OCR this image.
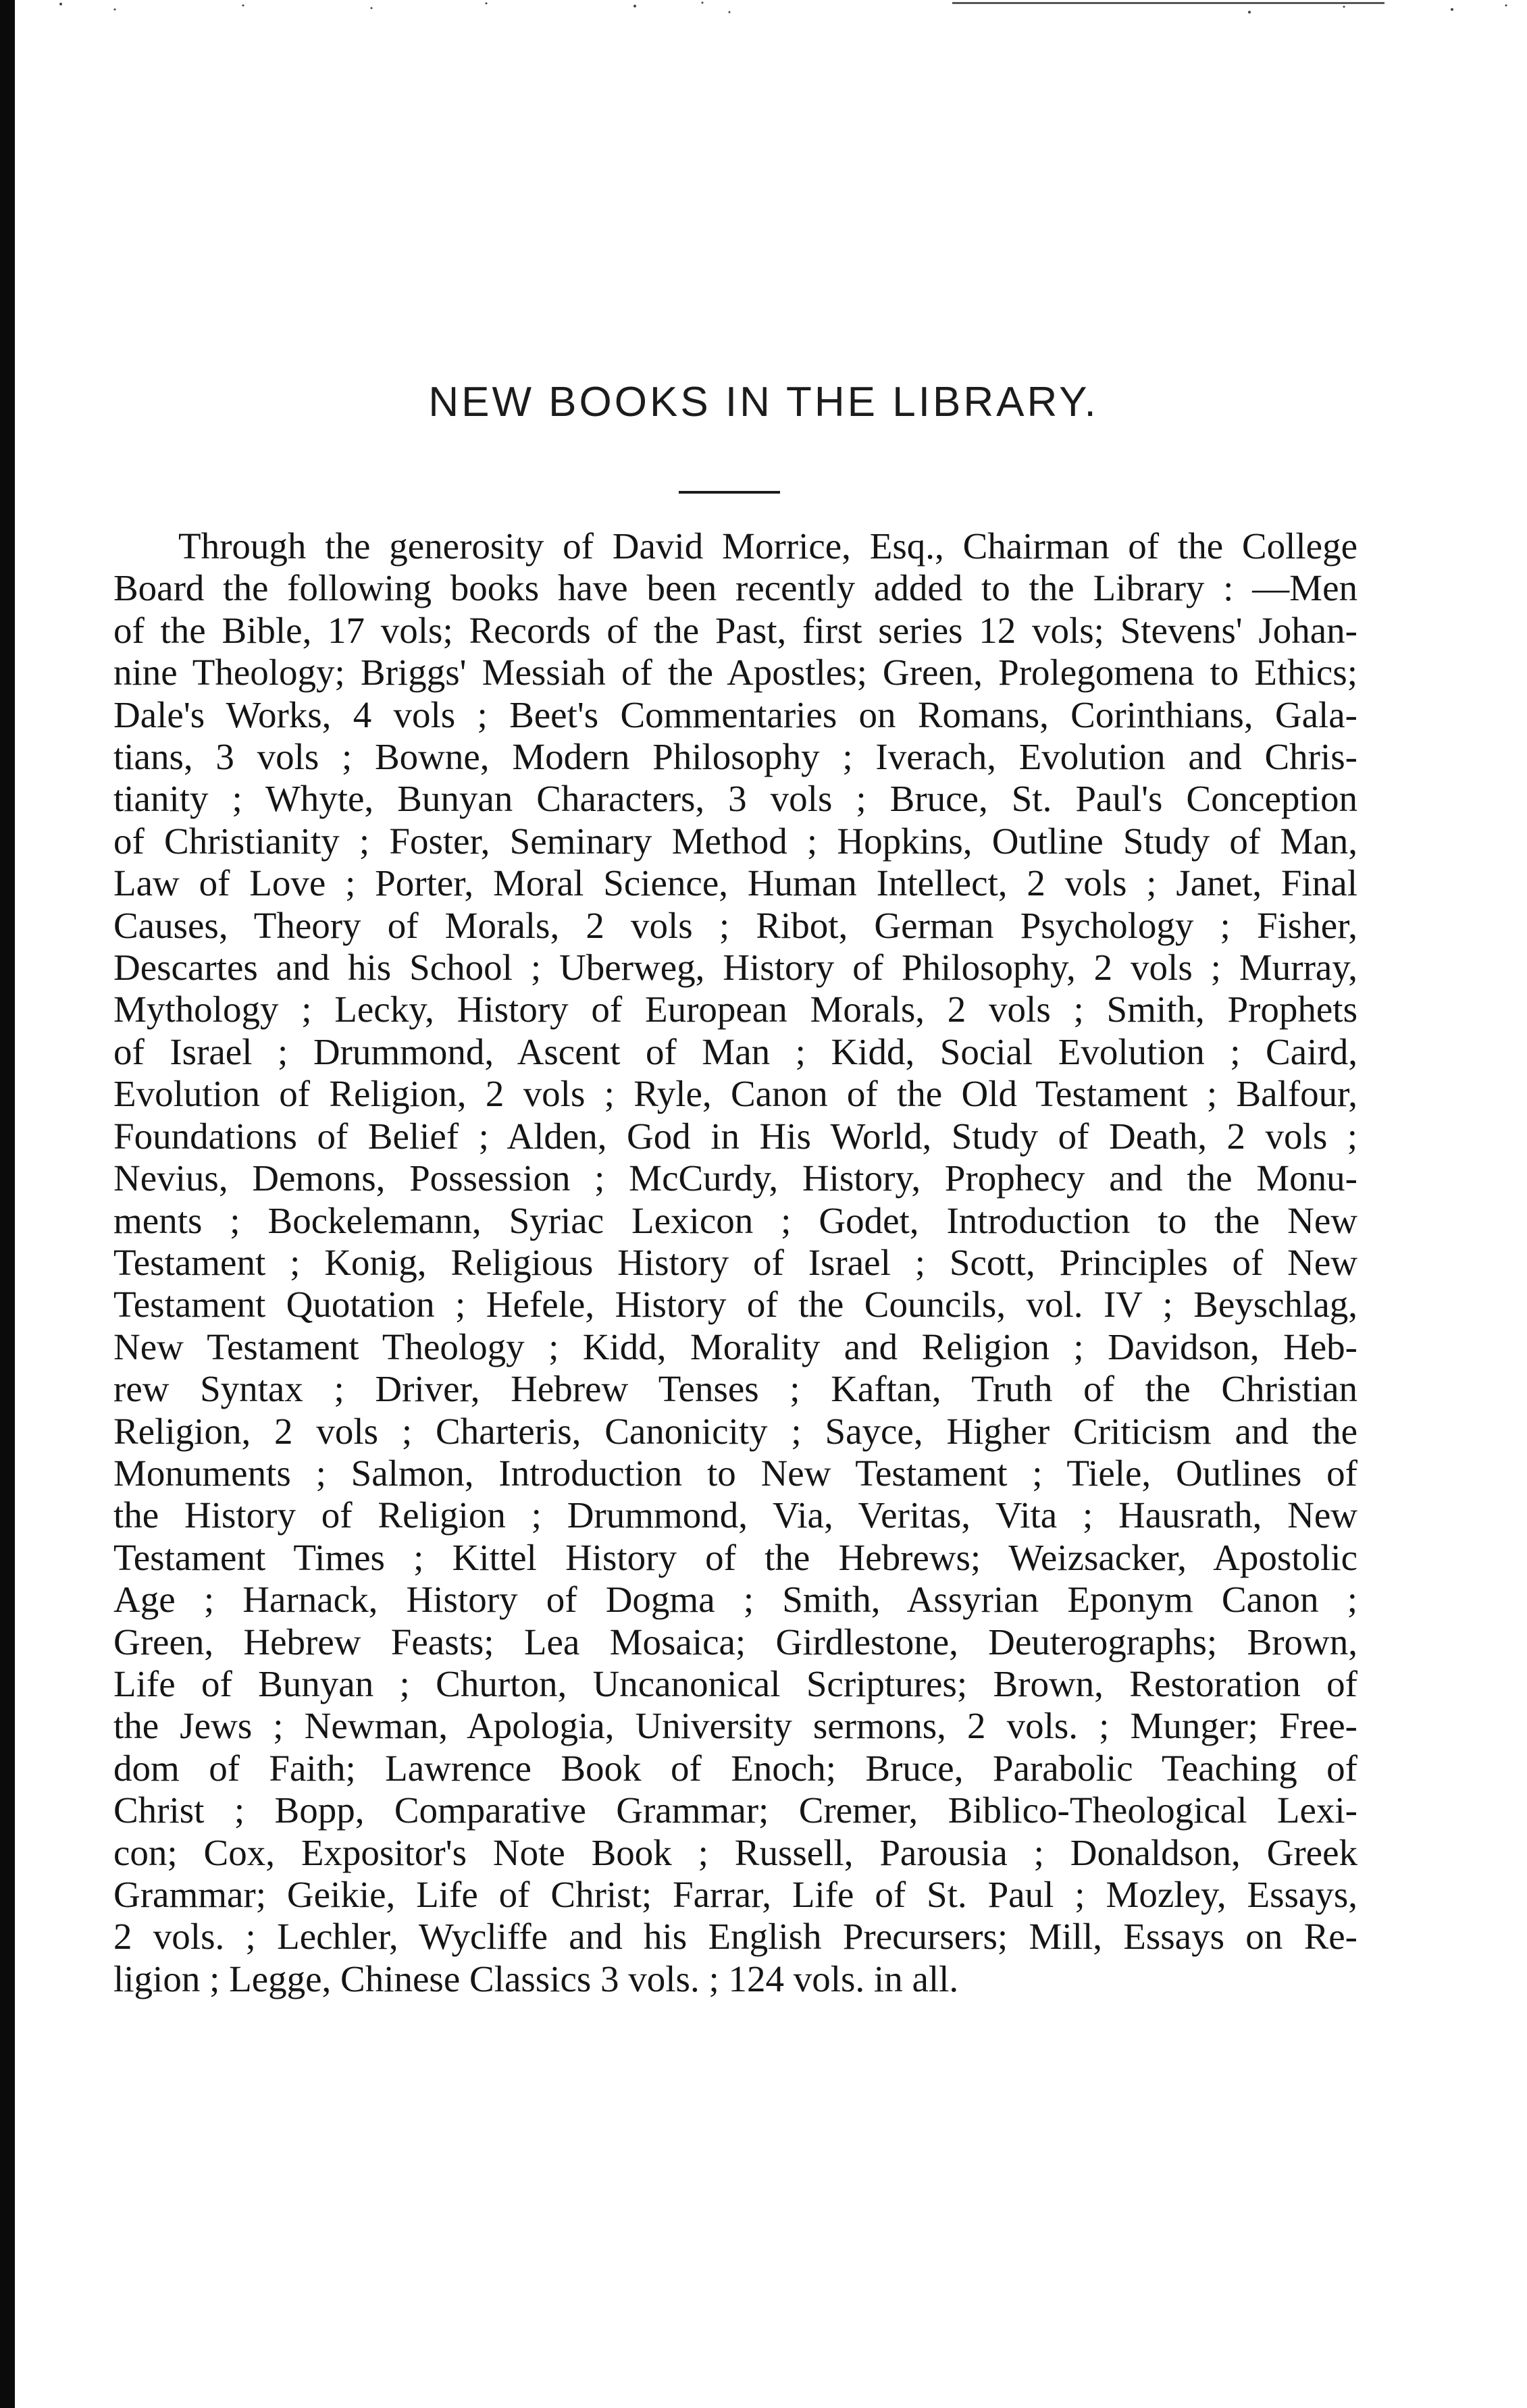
NEW BOOKS IN THE LIBRARY.
Through the generosity of David Morrice, Esq., Chairman of the College
Board the following books have been recently added to the Library : —Men
of the Bible, 17 vols; Records of the Past, first series 12 vols; Stevens' Johan-
nine Theology; Briggs' Messiah of the Apostles; Green, Prolegomena to Ethics;
Dale's Works, 4 vols ; Beet's Commentaries on Romans, Corinthians, Gala-
tians, 3 vols ; Bowne, Modern Philosophy ; Iverach, Evolution and Chris-
tianity ; Whyte, Bunyan Characters, 3 vols ; Bruce, St. Paul's Conception
of Christianity ; Foster, Seminary Method ; Hopkins, Outline Study of Man,
Law of Love ; Porter, Moral Science, Human Intellect, 2 vols ; Janet, Final
Causes, Theory of Morals, 2 vols ; Ribot, German Psychology ; Fisher,
Descartes and his School ; Uberweg, History of Philosophy, 2 vols ; Murray,
Mythology ; Lecky, History of European Morals, 2 vols ; Smith, Prophets
of Israel ; Drummond, Ascent of Man ; Kidd, Social Evolution ; Caird,
Evolution of Religion, 2 vols ; Ryle, Canon of the Old Testament ; Balfour,
Foundations of Belief ; Alden, God in His World, Study of Death, 2 vols ;
Nevius, Demons, Possession ; McCurdy, History, Prophecy and the Monu-
ments ; Bockelemann, Syriac Lexicon ; Godet, Introduction to the New
Testament ; Konig, Religious History of Israel ; Scott, Principles of New
Testament Quotation ; Hefele, History of the Councils, vol. IV ; Beyschlag,
New Testament Theology ; Kidd, Morality and Religion ; Davidson, Heb-
rew Syntax ; Driver, Hebrew Tenses ; Kaftan, Truth of the Christian
Religion, 2 vols ; Charteris, Canonicity ; Sayce, Higher Criticism and the
Monuments ; Salmon, Introduction to New Testament ; Tiele, Outlines of
the History of Religion ; Drummond, Via, Veritas, Vita ; Hausrath, New
Testament Times ; Kittel History of the Hebrews; Weizsacker, Apostolic
Age ; Harnack, History of Dogma ; Smith, Assyrian Eponym Canon ;
Green, Hebrew Feasts; Lea Mosaica; Girdlestone, Deuterographs; Brown,
Life of Bunyan ; Churton, Uncanonical Scriptures; Brown, Restoration of
the Jews ; Newman, Apologia, University sermons, 2 vols. ; Munger; Free-
dom of Faith; Lawrence Book of Enoch; Bruce, Parabolic Teaching of
Christ ; Bopp, Comparative Grammar; Cremer, Biblico-Theological Lexi-
con; Cox, Expositor's Note Book ; Russell, Parousia ; Donaldson, Greek
Grammar; Geikie, Life of Christ; Farrar, Life of St. Paul ; Mozley, Essays,
2 vols. ; Lechler, Wycliffe and his English Precursers; Mill, Essays on Re-
ligion ; Legge, Chinese Classics 3 vols. ; 124 vols. in all.
